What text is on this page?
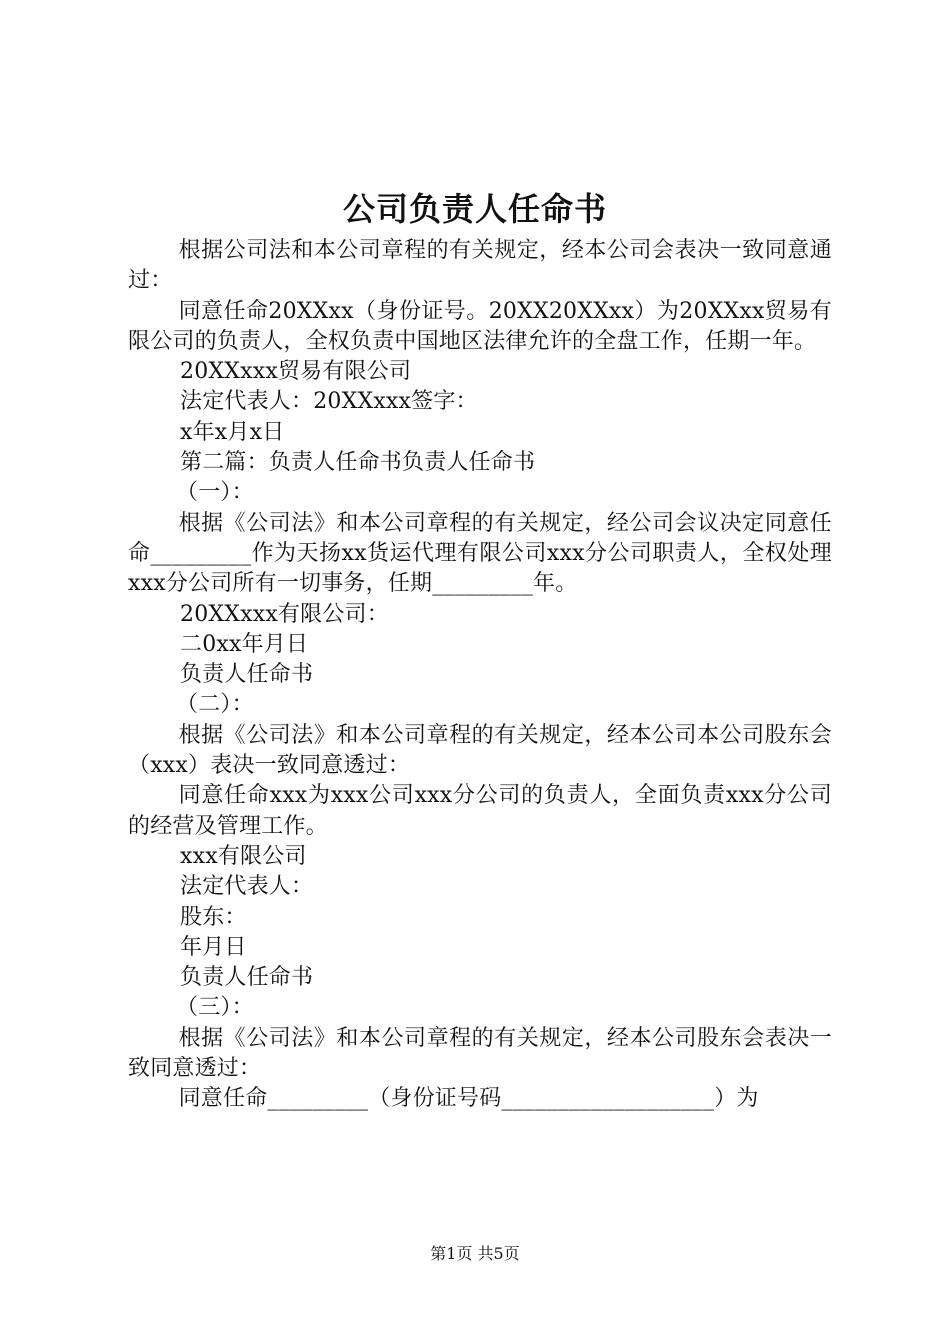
公司负责人任命书

根据公司法和本公司章程的有关规定，经本公司会表决一致同意通过：

同意任命20XXxx（身份证号。20XX20XXxx）为20XXxx贸易有限公司的负责人，全权负责中国地区法律允许的全盘工作，任期一年。

20XXxxx贸易有限公司

法定代表人：20XXxxx签字：

x年x月x日

第二篇：负责人任命书负责人任命书

（一）：

根据《公司法》和本公司章程的有关规定，经公司会议决定同意任命_________作为天扬xx货运代理有限公司xxx分公司职责人，全权处理xxx分公司所有一切事务，任期_________年。

20XXxxx有限公司：

二0xx年月日

负责人任命书

（二）：

根据《公司法》和本公司章程的有关规定，经本公司本公司股东会（xxx）表决一致同意透过：

同意任命xxx为xxx公司xxx分公司的负责人，全面负责xxx分公司的经营及管理工作。

xxx有限公司

法定代表人：

股东：

年月日

负责人任命书

（三）：

根据《公司法》和本公司章程的有关规定，经本公司股东会表决一致同意透过：

同意任命_________（身份证号码___________________）为

第1页 共5页
